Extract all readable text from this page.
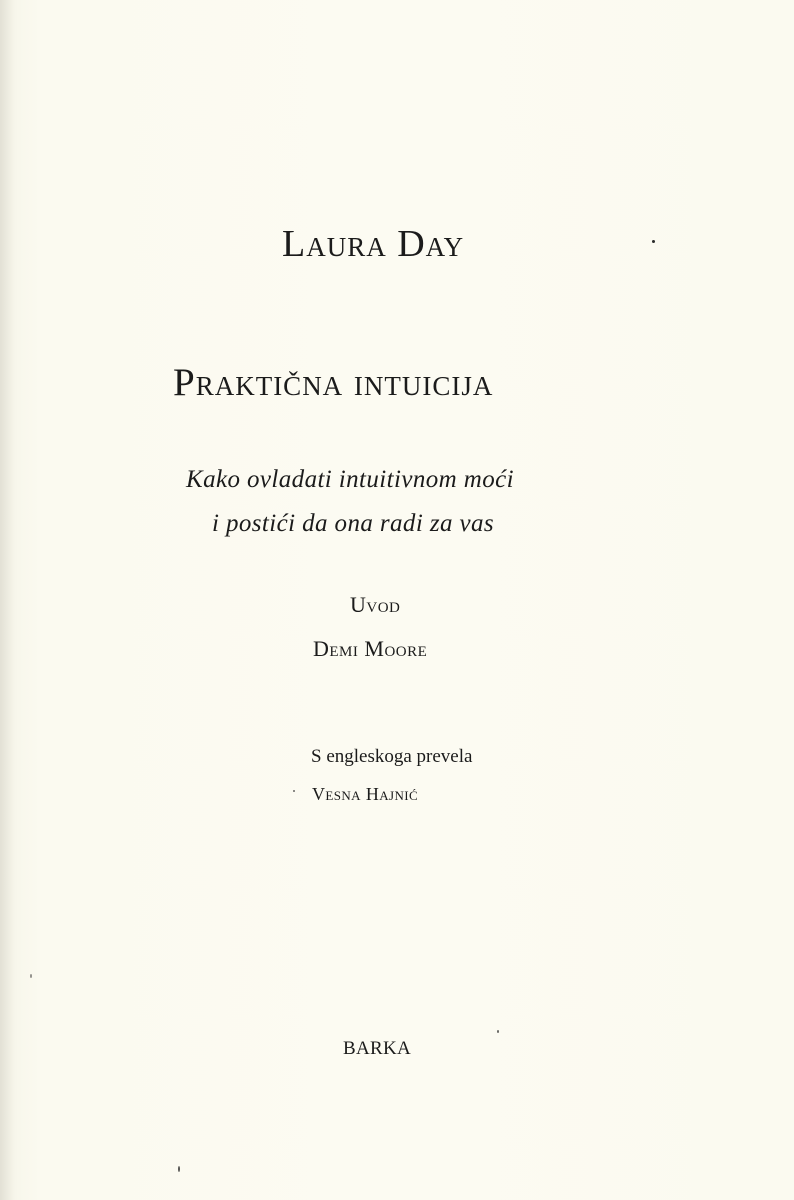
Laura Day
Praktična intuicija
Kako ovladati intuitivnom moći
i postići da ona radi za vas
Uvod
Demi Moore
S engleskoga prevela
Vesna Hajnić
BARKA
